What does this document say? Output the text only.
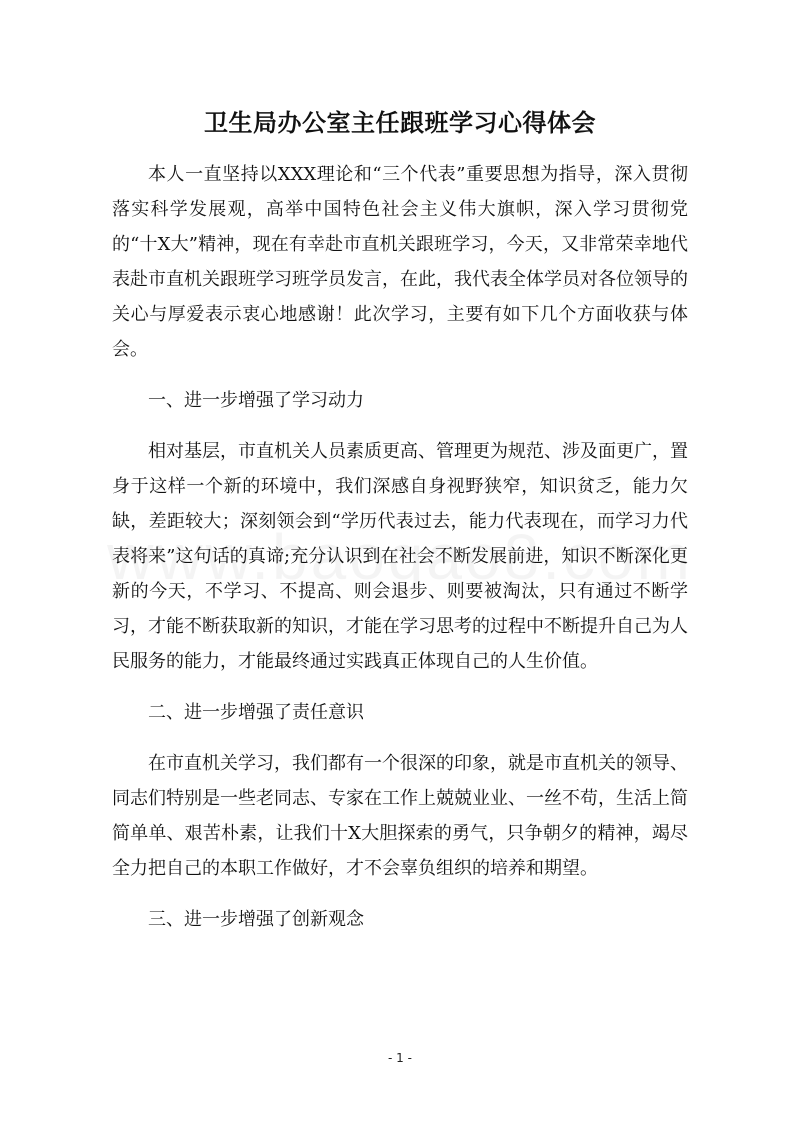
卫生局办公室主任跟班学习心得体会

本人一直坚持以XXX理论和“三个代表”重要思想为指导，深入贯彻落实科学发展观，高举中国特色社会主义伟大旗帜，深入学习贯彻党的“十X大”精神，现在有幸赴市直机关跟班学习，今天，又非常荣幸地代表赴市直机关跟班学习班学员发言，在此，我代表全体学员对各位领导的关心与厚爱表示衷心地感谢！此次学习，主要有如下几个方面收获与体会。

一、进一步增强了学习动力

相对基层，市直机关人员素质更高、管理更为规范、涉及面更广，置身于这样一个新的环境中，我们深感自身视野狭窄，知识贫乏，能力欠缺，差距较大；深刻领会到“学历代表过去，能力代表现在，而学习力代表将来”这句话的真谛;充分认识到在社会不断发展前进，知识不断深化更新的今天，不学习、不提高、则会退步、则要被淘汰，只有通过不断学习，才能不断获取新的知识，才能在学习思考的过程中不断提升自己为人民服务的能力，才能最终通过实践真正体现自己的人生价值。

二、进一步增强了责任意识

在市直机关学习，我们都有一个很深的印象，就是市直机关的领导、同志们特别是一些老同志、专家在工作上兢兢业业、一丝不苟，生活上简简单单、艰苦朴素，让我们十X大胆探索的勇气，只争朝夕的精神，竭尽全力把自己的本职工作做好，才不会辜负组织的培养和期望。

三、进一步增强了创新观念

- 1 -
